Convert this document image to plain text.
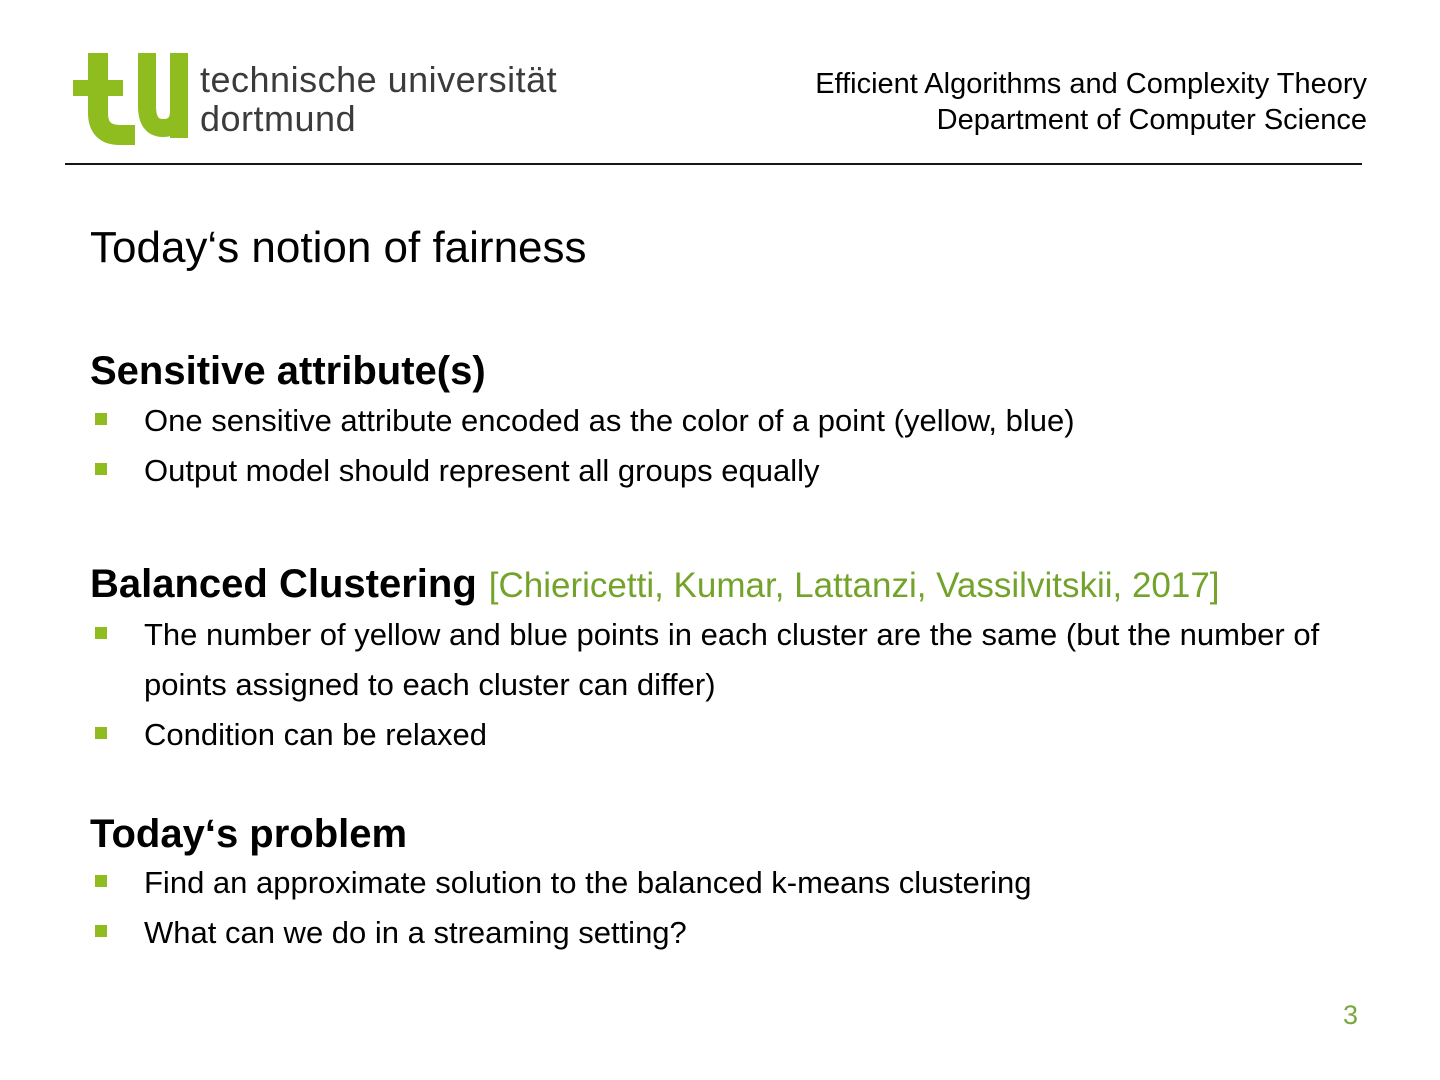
technische universität
dortmund
Efficient Algorithms and Complexity Theory
Department of Computer Science
Today‘s notion of fairness
Sensitive attribute(s)
One sensitive attribute encoded as the color of a point (yellow, blue)
Output model should represent all groups equally
Balanced Clustering [Chiericetti, Kumar, Lattanzi, Vassilvitskii, 2017]
The number of yellow and blue points in each cluster are the same (but the number of points assigned to each cluster can differ)
Condition can be relaxed
Today‘s problem
Find an approximate solution to the balanced k-means clustering
What can we do in a streaming setting?
3
